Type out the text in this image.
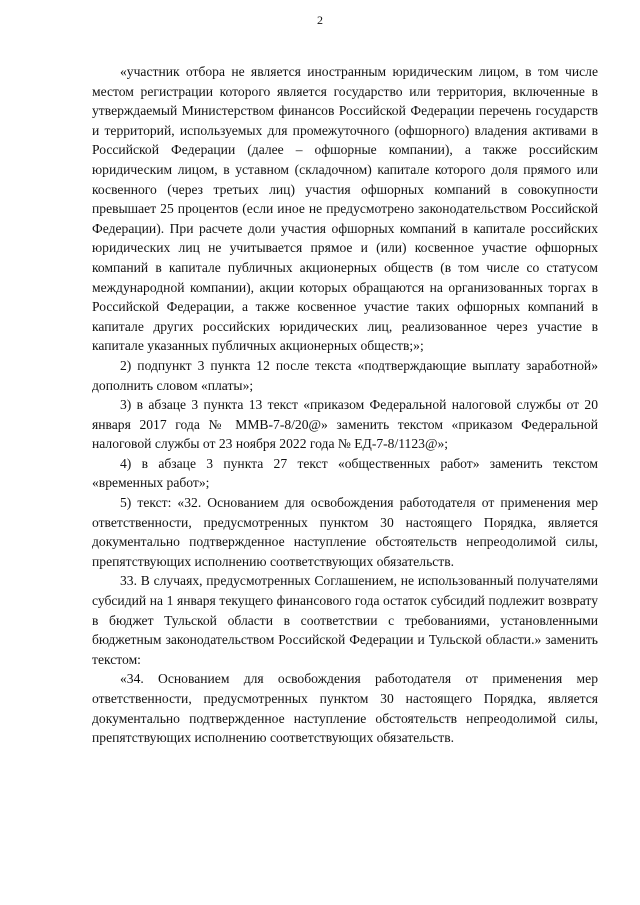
2

«участник отбора не является иностранным юридическим лицом, в том числе местом регистрации которого является государство или территория, включенные в утверждаемый Министерством финансов Российской Федерации перечень государств и территорий, используемых для промежуточного (офшорного) владения активами в Российской Федерации (далее – офшорные компании), а также российским юридическим лицом, в уставном (складочном) капитале которого доля прямого или косвенного (через третьих лиц) участия офшорных компаний в совокупности превышает 25 процентов (если иное не предусмотрено законодательством Российской Федерации). При расчете доли участия офшорных компаний в капитале российских юридических лиц не учитывается прямое и (или) косвенное участие офшорных компаний в капитале публичных акционерных обществ (в том числе со статусом международной компании), акции которых обращаются на организованных торгах в Российской Федерации, а также косвенное участие таких офшорных компаний в капитале других российских юридических лиц, реализованное через участие в капитале указанных публичных акционерных обществ;»;

2) подпункт 3 пункта 12 после текста «подтверждающие выплату заработной» дополнить словом «платы»;

3) в абзаце 3 пункта 13 текст «приказом Федеральной налоговой службы от 20 января 2017 года № ММВ-7-8/20@» заменить текстом «приказом Федеральной налоговой службы от 23 ноября 2022 года № ЕД-7-8/1123@»;

4) в абзаце 3 пункта 27 текст «общественных работ» заменить текстом «временных работ»;

5) текст: «32. Основанием для освобождения работодателя от применения мер ответственности, предусмотренных пунктом 30 настоящего Порядка, является документально подтвержденное наступление обстоятельств непреодолимой силы, препятствующих исполнению соответствующих обязательств.

33. В случаях, предусмотренных Соглашением, не использованный получателями субсидий на 1 января текущего финансового года остаток субсидий подлежит возврату в бюджет Тульской области в соответствии с требованиями, установленными бюджетным законодательством Российской Федерации и Тульской области.» заменить текстом:

«34. Основанием для освобождения работодателя от применения мер ответственности, предусмотренных пунктом 30 настоящего Порядка, является документально подтвержденное наступление обстоятельств непреодолимой силы, препятствующих исполнению соответствующих обязательств.
